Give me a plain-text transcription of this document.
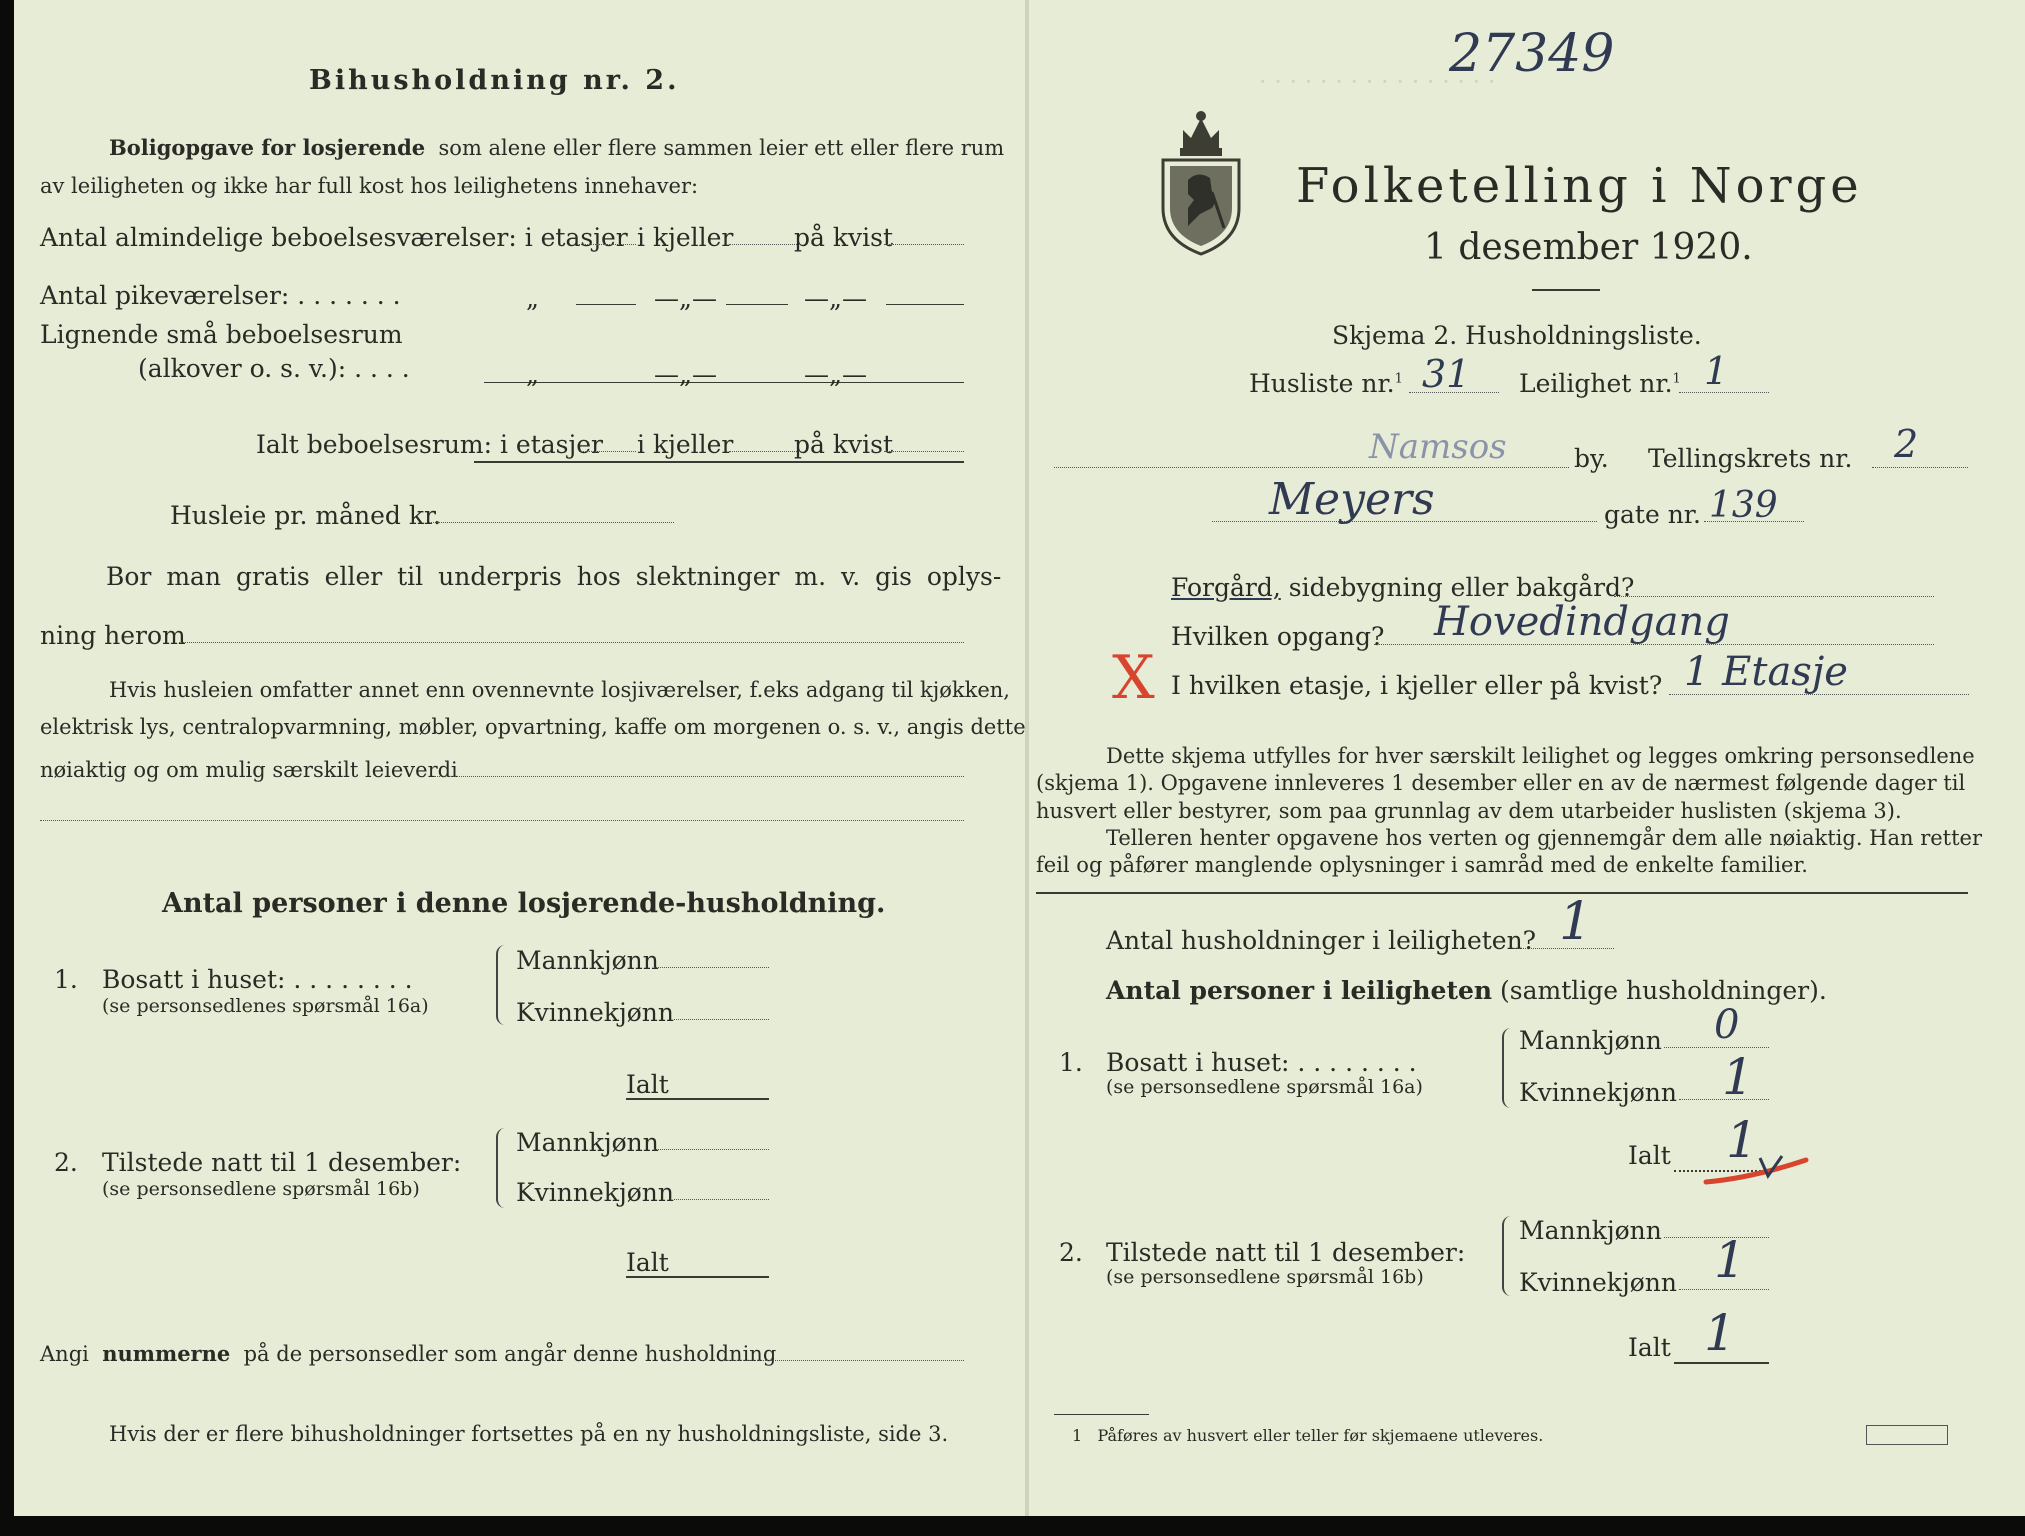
Bihusholdning nr. 2.
Boligopgave for losjerende som alene eller flere sammen leier ett eller flere rum
av leiligheten og ikke har full kost hos leilighetens innehaver:
Antal almindelige beboelsesværelser: i etasjer i kjeller på kvist
Antal pikeværelser: . . . . . . .	„	—„—	—„—
Lignende små beboelsesrum
(alkover o. s. v.): . . . .	„	—„—	—„—
Ialt beboelsesrum: i etasjer i kjeller på kvist
Husleie pr. måned kr.
Bor man gratis eller til underpris hos slektninger m. v. gis oplys-
ning herom
Hvis husleien omfatter annet enn ovennevnte losjiværelser, f.eks adgang til kjøkken,
elektrisk lys, centralopvarmning, møbler, opvartning, kaffe om morgenen o. s. v., angis dette
nøiaktig og om mulig særskilt leieverdi
Antal personer i denne losjerende-husholdning.
1. Bosatt i huset: . . . . . . . .
(se personsedlenes spørsmål 16a)
Mannkjønn
Kvinnekjønn
Ialt
2. Tilstede natt til 1 desember:
(se personsedlene spørsmål 16b)
Mannkjønn
Kvinnekjønn
Ialt
Angi nummerne på de personsedler som angår denne husholdning
Hvis der er flere bihusholdninger fortsettes på en ny husholdningsliste, side 3.
27349
· · · · · · · · · · · · · · · ·
Folketelling i Norge
1 desember 1920.
Skjema 2. Husholdningsliste.
Husliste nr.$^1$ 31 Leilighet nr.$^1$ 1
Namsos	by. Tellingskrets nr. 2
Meyers	gate nr. 139
Forgård, sidebygning eller bakgård?
Hvilken opgang? Hovedindgang
X I hvilken etasje, i kjeller eller på kvist? 1 Etasje
Dette skjema utfylles for hver særskilt leilighet og legges omkring personsedlene
(skjema 1). Opgavene innleveres 1 desember eller en av de nærmest følgende dager til
husvert eller bestyrer, som paa grunnlag av dem utarbeider huslisten (skjema 3).
Telleren henter opgavene hos verten og gjennemgår dem alle nøiaktig. Han retter
feil og påfører manglende oplysninger i samråd med de enkelte familier.
Antal husholdninger i leiligheten? 1
Antal personer i leiligheten (samtlige husholdninger).
1. Bosatt i huset: . . . . . . . .
(se personsedlene spørsmål 16a)
Mannkjønn 0
Kvinnekjønn 1
Ialt 1
2. Tilstede natt til 1 desember:
(se personsedlene spørsmål 16b)
Mannkjønn
Kvinnekjønn 1
Ialt 1
1 Påføres av husvert eller teller før skjemaene utleveres.
